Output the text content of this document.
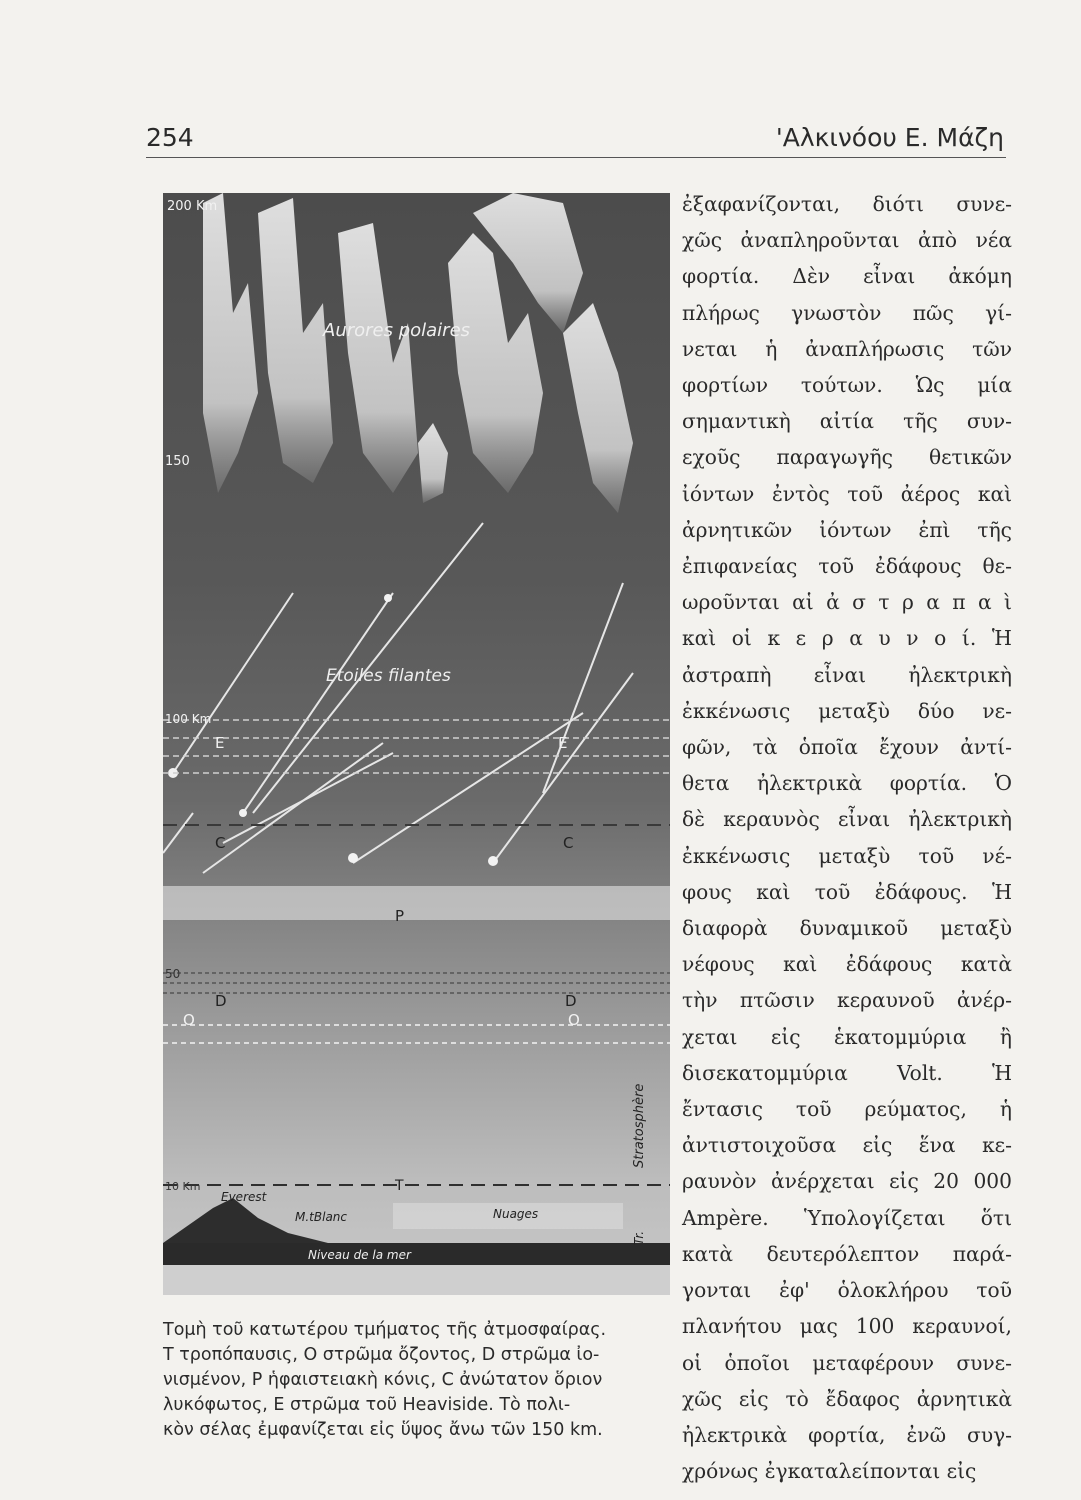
254	'Αλκινόου Ε. Μάζη
200 Km
150
100 Km
50
10 Km
Aurores polaires
Etoiles filantes
E	E
C	C
P
D	D
O	O
T
Everest
M.tBlanc	Nuages
Niveau de la mer
Stratosphère
Tr.
Τομὴ τοῦ κατωτέρου τμήματος τῆς ἀτμοσφαίρας.
Τ τροπόπαυσις, Ο στρῶμα ὄζοντος, D στρῶμα ἰο-
νισμένον, Ρ ἡφαιστειακὴ κόνις, C ἀνώτατον ὅριον
λυκόφωτος, Ε στρῶμα τοῦ Heaviside. Τὸ πολι-
κὸν σέλας ἐμφανίζεται εἰς ὕψος ἄνω τῶν 150 km.
ἐξαφανίζονται, διότι συνε-
χῶς ἀναπληροῦνται ἀπὸ νέα
φορτία. Δὲν εἶναι ἀκόμη
πλήρως γνωστὸν πῶς γί-
νεται ἡ ἀναπλήρωσις τῶν
φορτίων τούτων. Ὡς μία
σημαντικὴ αἰτία τῆς συν-
εχοῦς παραγωγῆς θετικῶν
ἰόντων ἐντὸς τοῦ ἀέρος καὶ
ἀρνητικῶν ἰόντων ἐπὶ τῆς
ἐπιφανείας τοῦ ἐδάφους θε-
ωροῦνται αἱ ἀ σ τ ρ α π α ὶ
καὶ οἱ κ ε ρ α υ ν ο ί. Ἡ
ἀστραπὴ εἶναι ἠλεκτρικὴ
ἐκκένωσις μεταξὺ δύο νε-
φῶν, τὰ ὁποῖα ἔχουν ἀντί-
θετα ἠλεκτρικὰ φορτία. Ὁ
δὲ κεραυνὸς εἶναι ἠλεκτρικὴ
ἐκκένωσις μεταξὺ τοῦ νέ-
φους καὶ τοῦ ἐδάφους. Ἡ
διαφορὰ δυναμικοῦ μεταξὺ
νέφους καὶ ἐδάφους κατὰ
τὴν πτῶσιν κεραυνοῦ ἀνέρ-
χεται εἰς ἑκατομμύρια ἢ
δισεκατομμύρια Volt. Ἡ
ἔντασις τοῦ ρεύματος, ἡ
ἀντιστοιχοῦσα εἰς ἕνα κε-
ραυνὸν ἀνέρχεται εἰς 20 000
Ampère. Ὑπολογίζεται ὅτι
κατὰ δευτερόλεπτον παρά-
γονται ἐφ' ὁλοκλήρου τοῦ
πλανήτου μας 100 κεραυνοί,
οἱ ὁποῖοι μεταφέρουν συνε-
χῶς εἰς τὸ ἔδαφος ἀρνητικὰ
ἠλεκτρικὰ φορτία, ἐνῶ συγ-
χρόνως ἐγκαταλείπονται εἰς
